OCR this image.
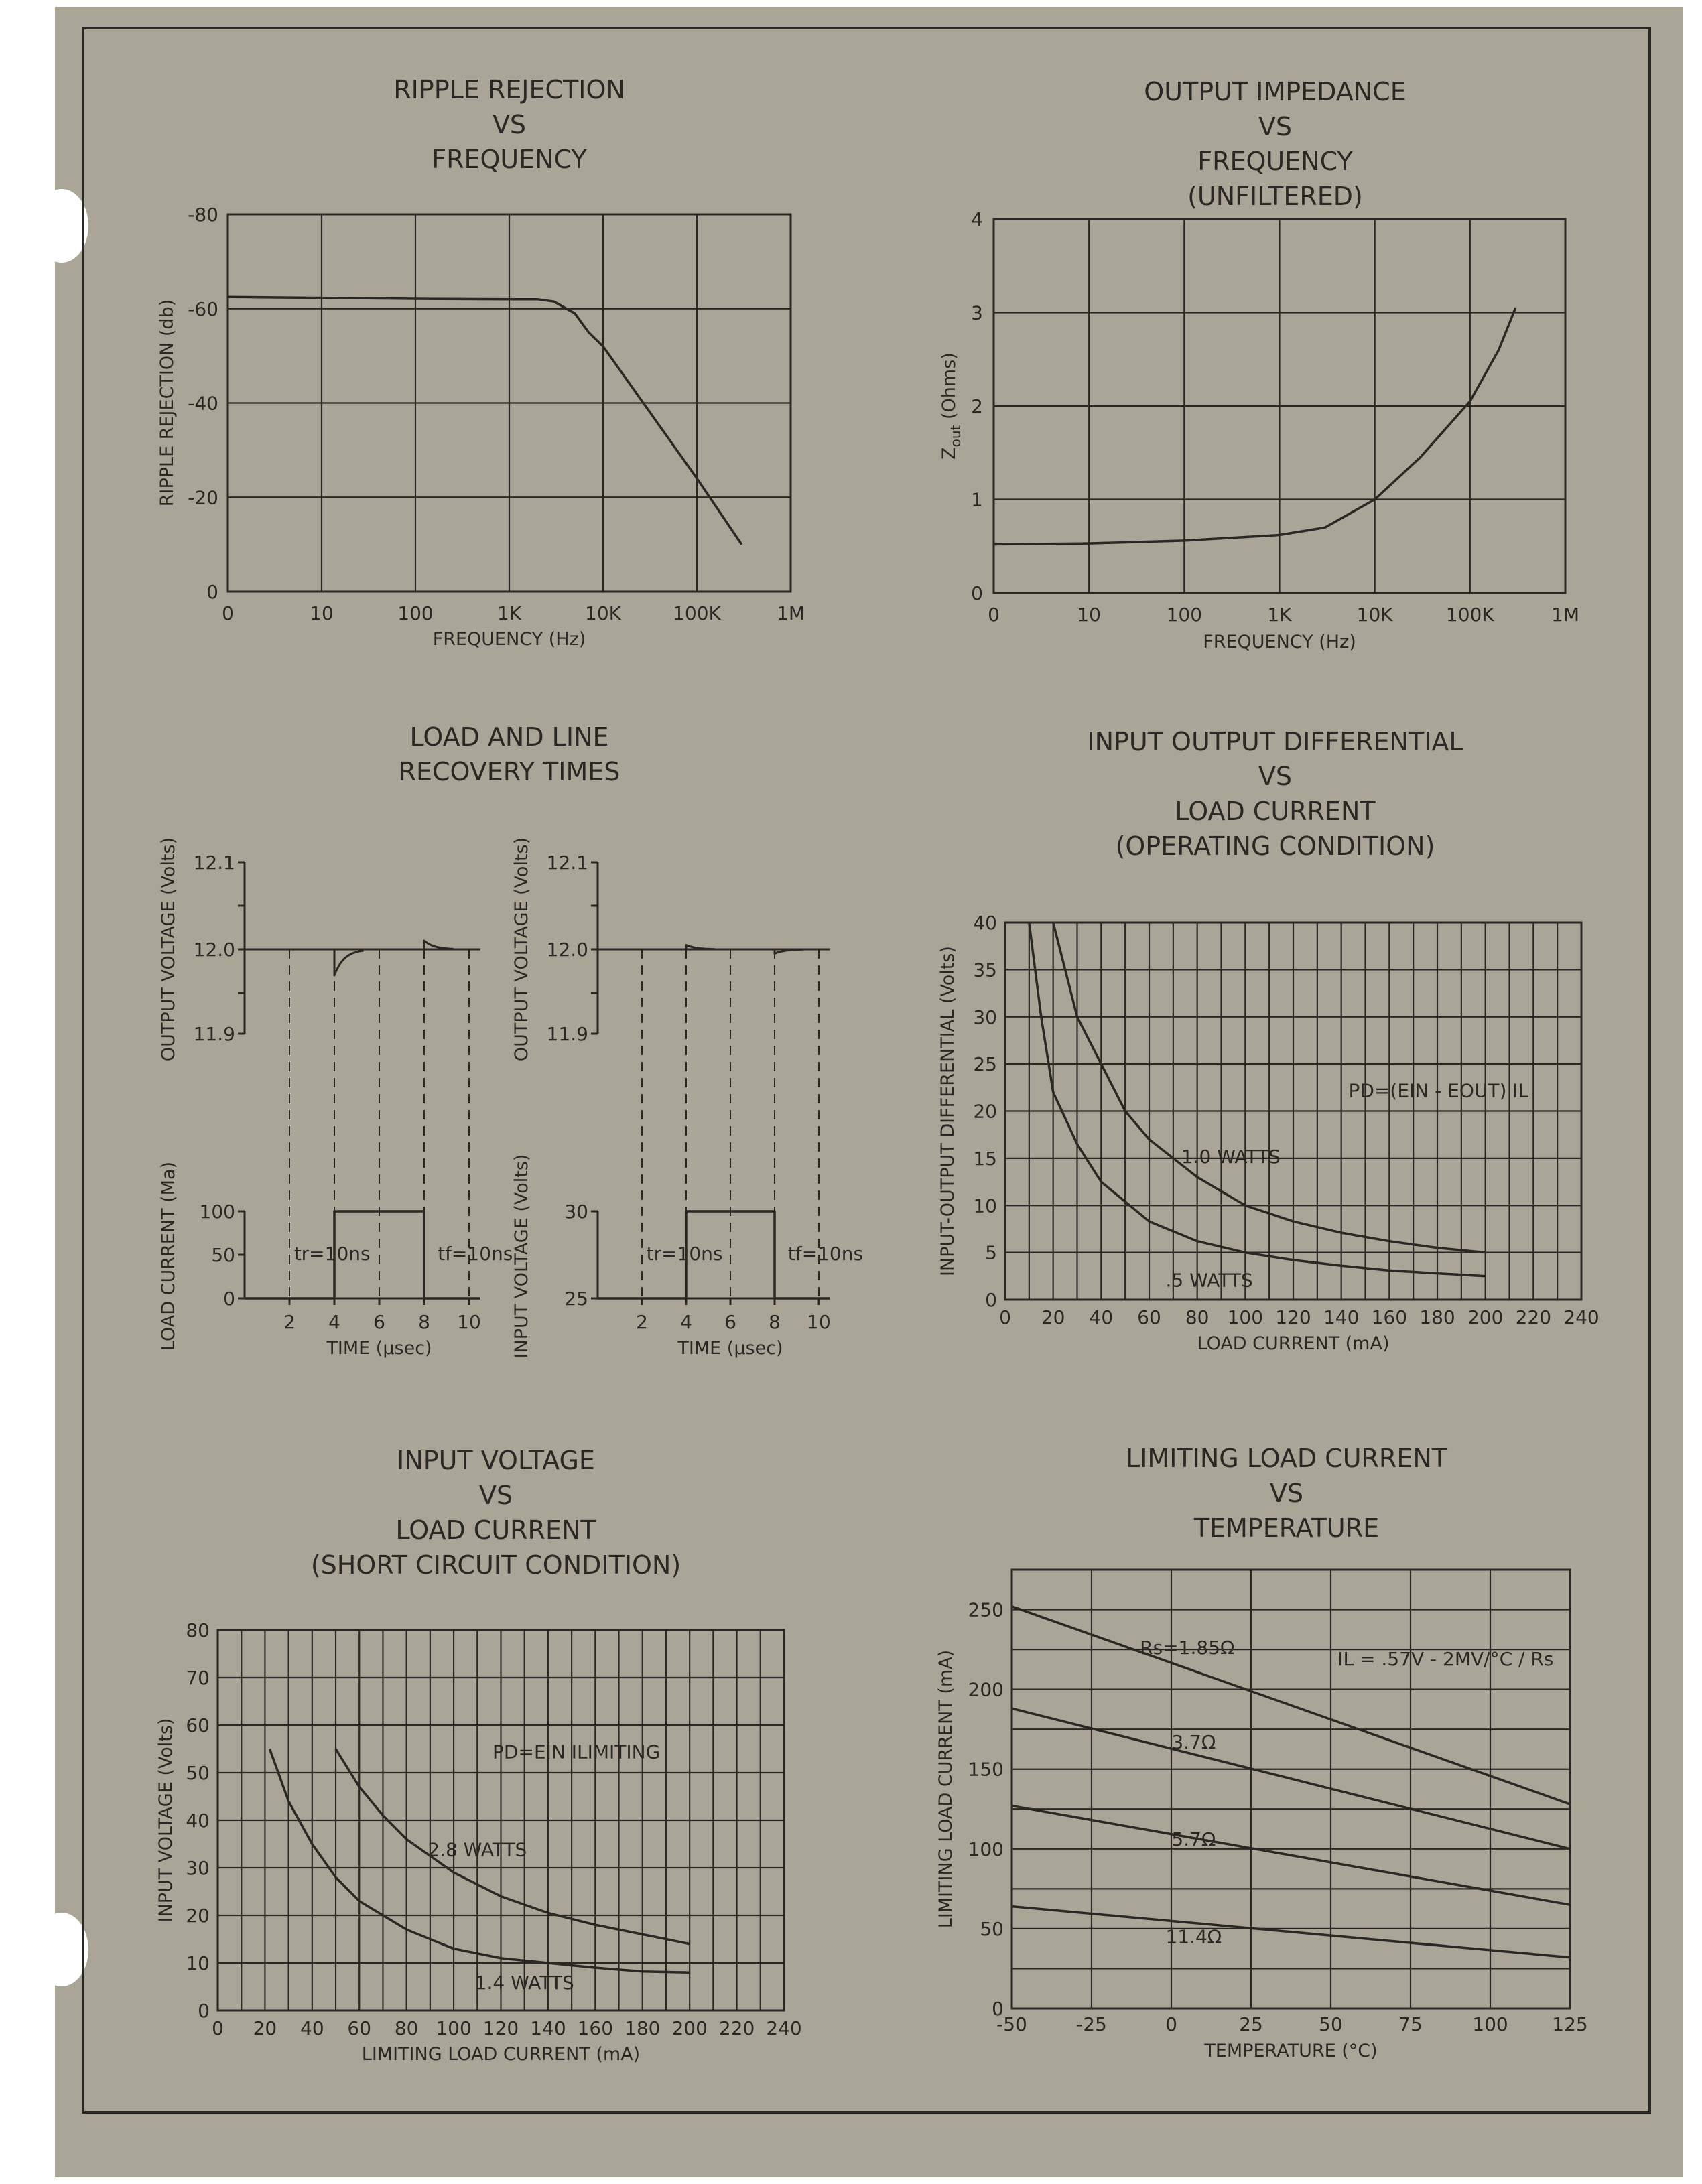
RIPPLE REJECTION
VS
FREQUENCY
0	10	100	1K	10K	100K	1M
0
-20
-40
-60
-80
FREQUENCY (Hz)
RIPPLE REJECTION (db)
OUTPUT IMPEDANCE
VS
FREQUENCY
(UNFILTERED)
0	10	100	1K	10K	100K	1M
0
1
2
3
4
FREQUENCY (Hz)
$Z_{out}$ (Ohms)
LOAD AND LINE
RECOVERY TIMES
12.1
12.0
11.9
OUTPUT VOLTAGE (Volts)
100
50
0
LOAD CURRENT (Ma)	2 4 6 8 10
TIME (μsec)
tr=10ns	tf=10ns
12.1
12.0
11.9
OUTPUT VOLTAGE (Volts)
30
25
INPUT VOLTAGE (Volts)	2 4 6 8 10
TIME (μsec)
tr=10ns	tf=10ns
INPUT OUTPUT DIFFERENTIAL
VS
LOAD CURRENT
(OPERATING CONDITION)
0 20 40 60 80 100 120 140 160 180 200 220 240
0
5
10
15
20
25
30
35
40
LOAD CURRENT (mA)
INPUT-OUTPUT DIFFERENTIAL (Volts)	PD=(EIN - EOUT) IL
1.0 WATTS
.5 WATTS
INPUT VOLTAGE
VS
LOAD CURRENT
(SHORT CIRCUIT CONDITION)
0 20 40 60 80 100 120 140 160 180 200 220 240
0
10
20
30
40
50
60
70
80
LIMITING LOAD CURRENT (mA)
INPUT VOLTAGE (Volts)	PD=EIN ILIMITING
2.8 WATTS
1.4 WATTS
LIMITING LOAD CURRENT
VS
TEMPERATURE
-50	-25	0	25	50	75	100 125
0
50
100
150
200
250
TEMPERATURE (°C)
LIMITING LOAD CURRENT (mA)	IL = .57V - 2MV/°C / Rs
Rs=1.85Ω
3.7Ω
5.7Ω
11.4Ω
